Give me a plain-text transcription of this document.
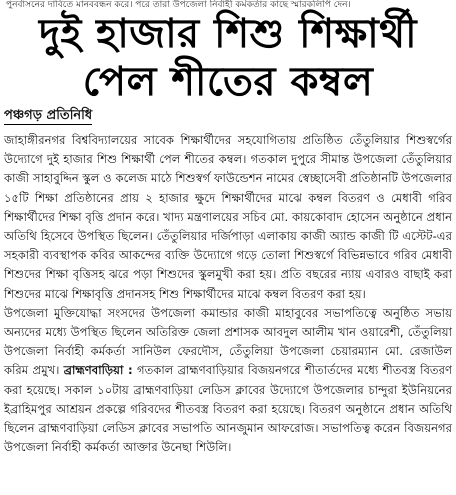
পুনর্বাসনের দাবিতে মানববন্ধন করে। পরে তারা উপজেলা নির্বাহী কর্মকর্তার কাছে স্মারকলিপি দেন।
দুই হাজার শিশু শিক্ষার্থী
পেল শীতের কম্বল
পঞ্চগড় প্রতিনিধি

জাহাঙ্গীরনগর বিশ্ববিদ্যালয়ের সাবেক শিক্ষার্থীদের সহযোগিতায় প্রতিষ্ঠিত তেঁতুলিয়ার শিশুস্বর্গের উদ্যোগে দুই হাজার শিশু শিক্ষার্থী পেল শীতের কম্বল। গতকাল দুপুরে সীমান্ত উপজেলা তেঁতুলিয়ার কাজী সাহাবুদ্দিন স্কুল ও কলেজ মাঠে শিশুস্বর্গ ফাউন্ডেশন নামের স্বেচ্ছাসেবী প্রতিষ্ঠানটি উপজেলার ১৫টি শিক্ষা প্রতিষ্ঠানের প্রায় ২ হাজার ক্ষুদে শিক্ষার্থীদের মাঝে কম্বল বিতরণ ও মেধাবী গরিব শিক্ষার্থীদের শিক্ষা বৃত্তি প্রদান করে। খাদ্য মন্ত্রণালয়ের সচিব মো. কায়কোবাদ হোসেন অনুষ্ঠানে প্রধান অতিথি হিসেবে উপস্থিত ছিলেন। তেঁতুলিয়ার দর্জিপাড়া এলাকায় কাজী অ্যান্ড কাজী টি এস্টেট-এর সহকারী ব্যবস্থাপক কবির আকন্দের ব্যক্তি উদ্যোগে গড়ে তোলা শিশুস্বর্গে বিভিন্নভাবে গরিব মেধাবী শিশুদের শিক্ষা বৃত্তিসহ ঝরে পড়া শিশুদের স্কুলমুখী করা হয়। প্রতি বছরের ন্যায় এবারও বাছাই করা শিশুদের মাঝে শিক্ষাবৃত্তি প্রদানসহ শিশু শিক্ষার্থীদের মাঝে কম্বল বিতরণ করা হয়।

উপজেলা মুক্তিযোদ্ধা সংসদের উপজেলা কমান্ডার কাজী মাহাবুবের সভাপতিত্বে অনুষ্ঠিত সভায় অন্যদের মধ্যে উপস্থিত ছিলেন অতিরিক্ত জেলা প্রশাসক আবদুল আলীম খান ওয়ারেশী, তেঁতুলিয়া উপজেলা নির্বাহী কর্মকর্তা সানিউল ফেরদৌস, তেঁতুলিয়া উপজেলা চেয়ারম্যান মো. রেজাউল করিম প্রমুখ। ব্রাহ্মণবাড়িয়া : গতকাল ব্রাহ্মণবাড়িয়ার বিজয়নগরে শীতার্তদের মধ্যে শীতবস্ত্র বিতরণ করা হয়েছে। সকাল ১০টায় ব্রাহ্মণবাড়িয়া লেডিস ক্লাবের উদ্যোগে উপজেলার চান্দুরা ইউনিয়নের ইব্রাহিমপুর আশ্রয়ন প্রকল্পে গরিবদের শীতবস্ত্র বিতরণ করা হয়েছে। বিতরণ অনুষ্ঠানে প্রধান অতিথি ছিলেন ব্রাহ্মণবাড়িয়া লেডিস ক্লাবের সভাপতি আনজুমান আফরোজ। সভাপতিত্ব করেন বিজয়নগর উপজেলা নির্বাহী কর্মকর্তা আক্তার উনেছা শিউলি।
